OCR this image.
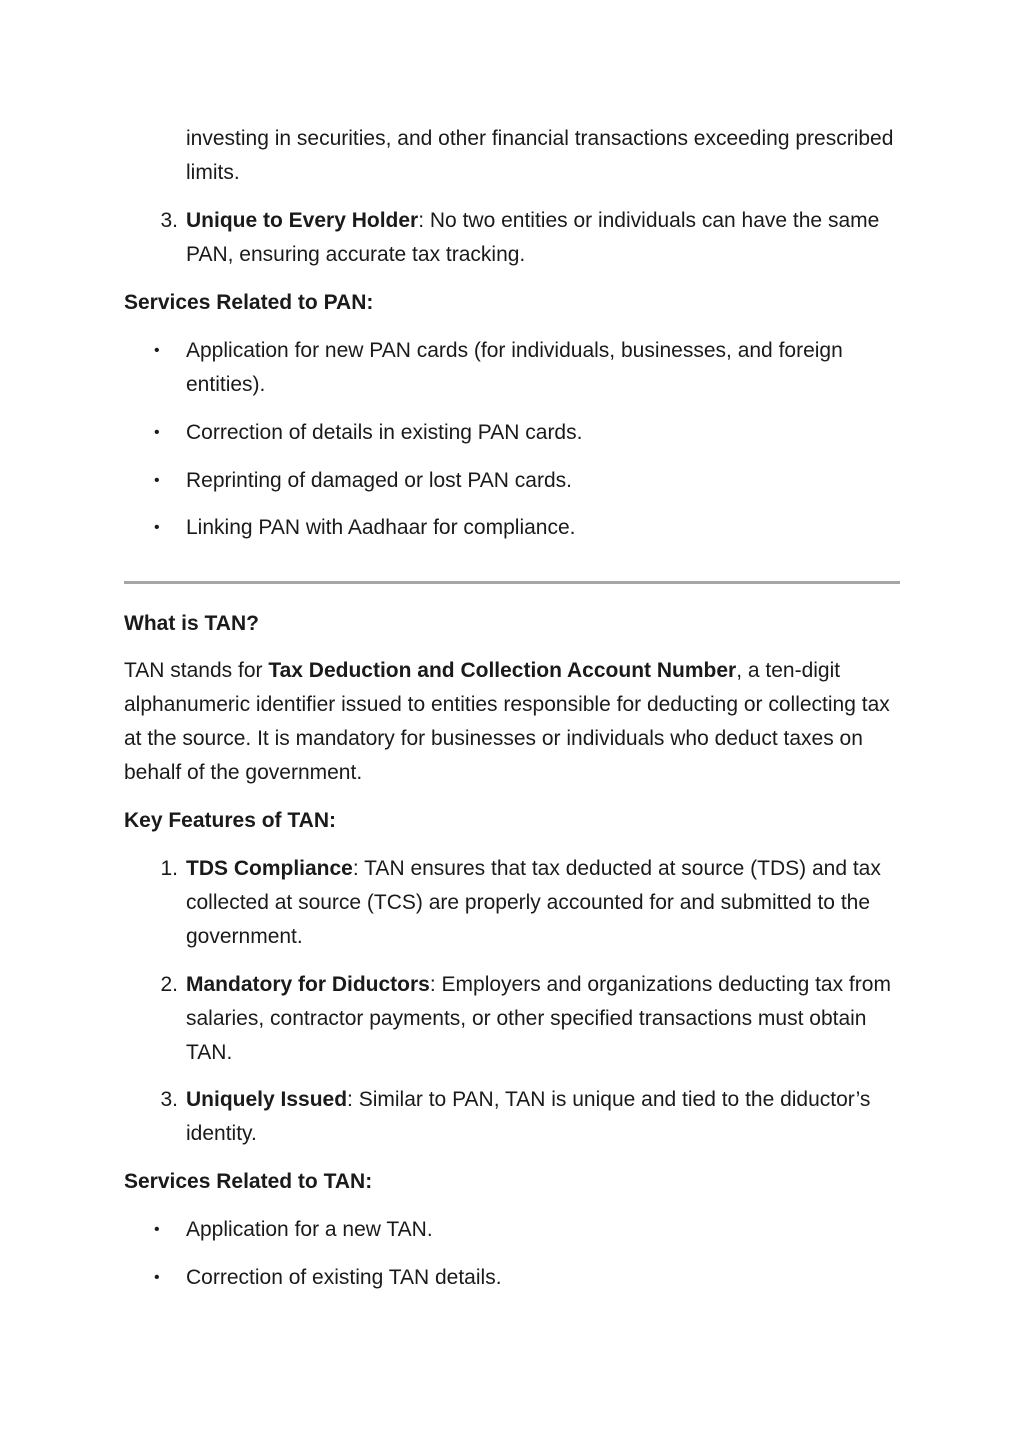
investing in securities, and other financial transactions exceeding prescribed limits.
3. Unique to Every Holder: No two entities or individuals can have the same PAN, ensuring accurate tax tracking.

Services Related to PAN:

• Application for new PAN cards (for individuals, businesses, and foreign entities).
• Correction of details in existing PAN cards.
• Reprinting of damaged or lost PAN cards.
• Linking PAN with Aadhaar for compliance.

What is TAN?

TAN stands for Tax Deduction and Collection Account Number, a ten-digit alphanumeric identifier issued to entities responsible for deducting or collecting tax at the source. It is mandatory for businesses or individuals who deduct taxes on behalf of the government.

Key Features of TAN:

1. TDS Compliance: TAN ensures that tax deducted at source (TDS) and tax collected at source (TCS) are properly accounted for and submitted to the government.
2. Mandatory for Diductors: Employers and organizations deducting tax from salaries, contractor payments, or other specified transactions must obtain TAN.
3. Uniquely Issued: Similar to PAN, TAN is unique and tied to the diductor’s identity.

Services Related to TAN:

• Application for a new TAN.
• Correction of existing TAN details.
